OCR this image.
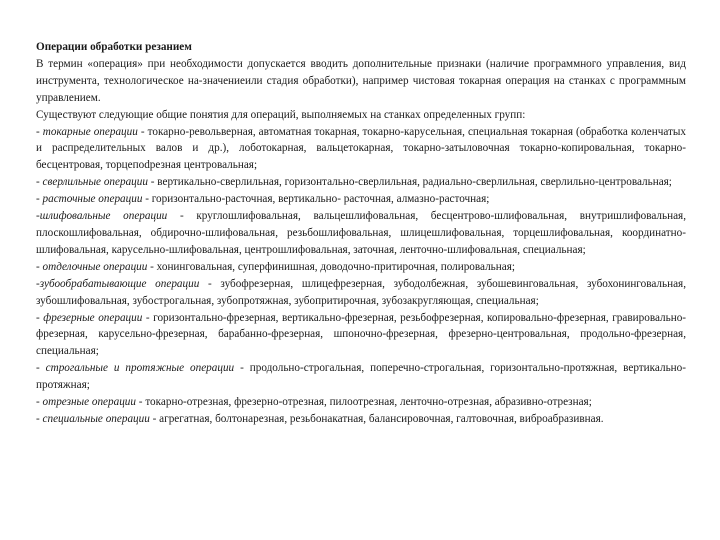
Операции обработки резанием

В термин «операция» при необходимости допускается вводить дополнительные признаки (наличие программного управления, вид инструмента, технологическое на-значениеили стадия обработки), например чистовая токарная операция на станках с программным управлением.

Существуют следующие общие понятия для операций, выполняемых на станках определенных групп:

- токарные операции - токарно-револьверная, автоматная токарная, токарно-карусельная, специальная токарная (обработка коленчатых и распределительных валов и др.), лоботокарная, вальцетокарная, токарно-затыловочная токарно-копировальная, токарно-бесцентровая, торцепodрезная центровальная;

- сверлильные операции - вертикально-сверлильная, горизонтально-сверлильная, радиально-сверлильная, сверлильно-центровальная;

- расточные операции - горизонтально-расточная, вертикально- расточная, алмазно-расточная;

-шлифовальные операции - круглошлифовальная, вальцешлифовальная, бесцентрово-шлифовальная, внутришлифовальная, плоскошлифовальная, обдирочно-шлифовальная, резьбошлифовальная, шлицешлифовальная, торцешлифовальная, координатно-шлифовальная, карусельно-шлифовальная, центрошлифовальная, заточная, ленточно-шлифовальная, специальная;

- отделочные операции - хонинговальная, суперфинишная, доводочно-притирочная, полировальная;

-зубообрабатывающие операции - зубофрезерная, шлицефрезерная, зубодолбежная, зубошевинговальная, зубохонинговальная, зубошлифовальная, зубострогальная, зубопротяжная, зубопритирочная, зубозакругляющая, специальная;

- фрезерные операции - горизонтально-фрезерная, вертикально-фрезерная, резьбофрезерная, копировально-фрезерная, гравировально-фрезерная, карусельно-фрезерная, барабанно-фрезерная, шпоночно-фрезерная, фрезерно-центровальная, продольно-фрезерная, специальная;

- строгальные и протяжные операции - продольно-строгальная, поперечно-строгальная, горизонтально-протяжная, вертикально-протяжная;

- отрезные операции - токарно-отрезная, фрезерно-отрезная, пилоотрезная, ленточно-отрезная, абразивно-отрезная;

- специальные операции - агрегатная, болтонарезная, резьбонакатная, балансировочная, галтовочная, виброабразивная.
